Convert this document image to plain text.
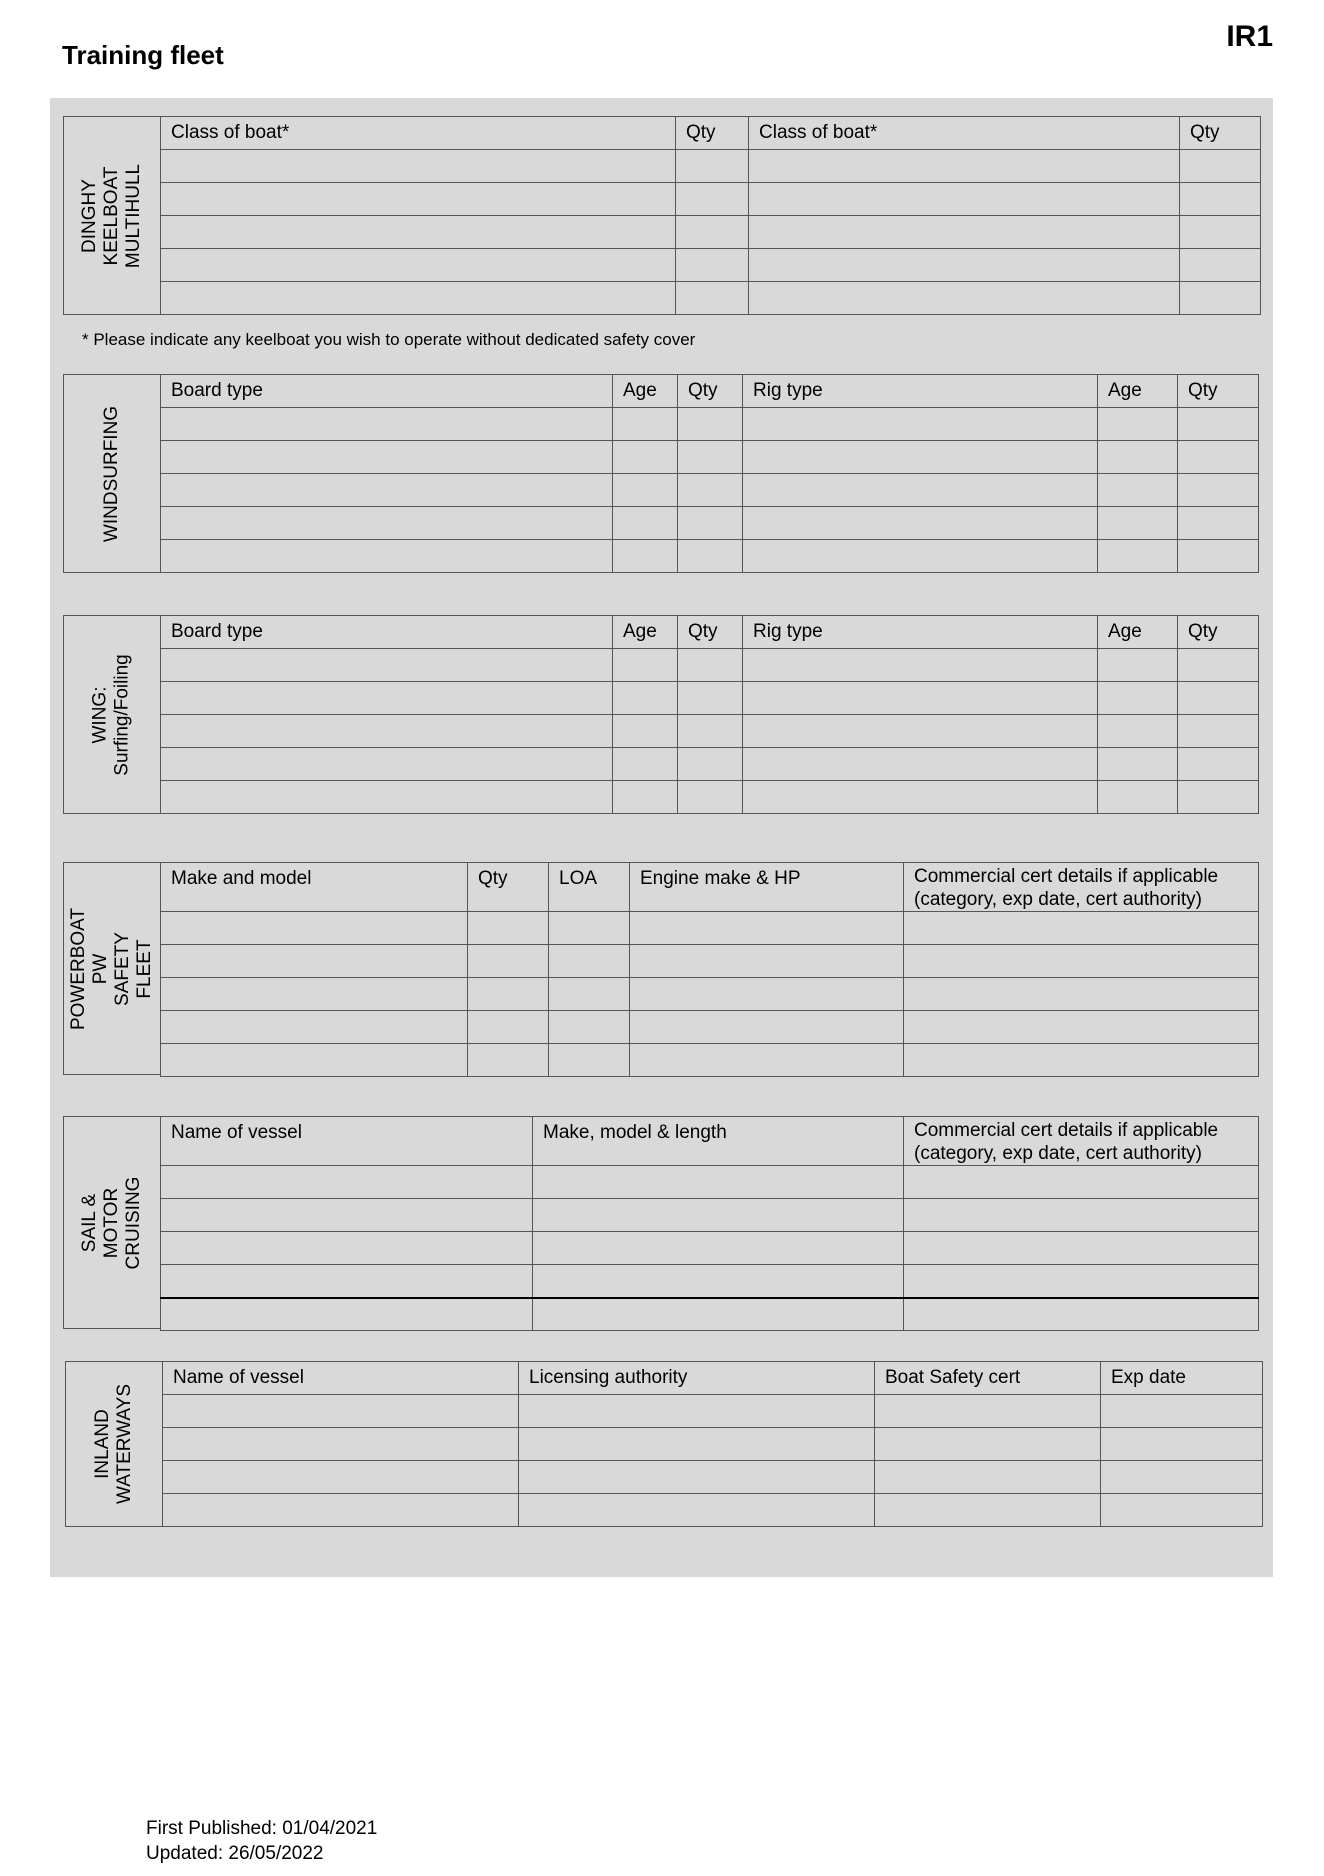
Training fleet
IR1
DINGHY
KEELBOAT
MULTIHULL
Class of boat*	Qty	Class of boat*	Qty

* Please indicate any keelboat you wish to operate without dedicated safety cover
WINDSURFING
Board type	Age	Qty	Rig type	Age	Qty

WING:
Surfing/Foiling
Board type	Age	Qty	Rig type	Age	Qty

POWERBOAT
PW
SAFETY FLEET
Make and model	Qty	LOA	Engine make & HP	Commercial cert details if applicable
(category, exp date, cert authority)

SAIL & MOTOR
CRUISING
Name of vessel	Make, model & length	Commercial cert details if applicable
(category, exp date, cert authority)

INLAND
WATERWAYS
Name of vessel	Licensing authority	Boat Safety cert	Exp date

First Published: 01/04/2021
Updated: 26/05/2022
